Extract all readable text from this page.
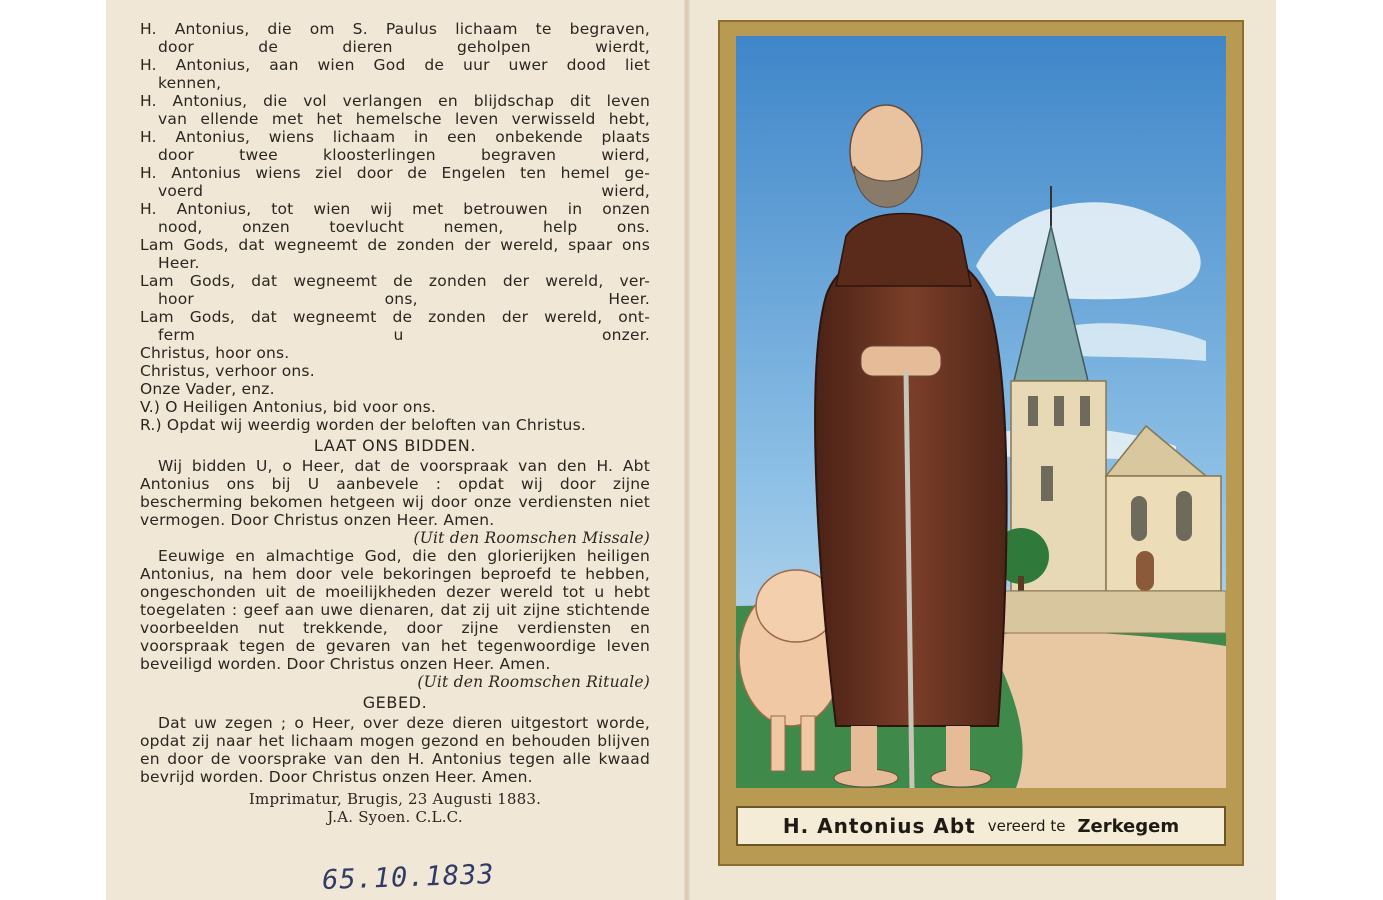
H. Antonius, die om S. Paulus lichaam te begraven,
door de dieren geholpen wierdt,

H. Antonius, aan wien God de uur uwer dood liet
kennen,

H. Antonius, die vol verlangen en blijdschap dit leven
van ellende met het hemelsche leven verwisseld hebt,

H. Antonius, wiens lichaam in een onbekende plaats
door twee kloosterlingen begraven wierd,

H. Antonius wiens ziel door de Engelen ten hemel ge-
voerd wierd,

H. Antonius, tot wien wij met betrouwen in onzen
nood, onzen toevlucht nemen, help ons.

Lam Gods, dat wegneemt de zonden der wereld, spaar ons
Heer.

Lam Gods, dat wegneemt de zonden der wereld, ver-
hoor ons, Heer.

Lam Gods, dat wegneemt de zonden der wereld, ont-
ferm u onzer.

Christus, hoor ons.

Christus, verhoor ons.

Onze Vader, enz.

V.) O Heiligen Antonius, bid voor ons.

R.) Opdat wij weerdig worden der beloften van Christus.

LAAT ONS BIDDEN.

Wij bidden U, o Heer, dat de voorspraak van den H. Abt Antonius ons bij U aanbevele : opdat wij door zijne bescherming bekomen hetgeen wij door onze verdiensten niet vermogen. Door Christus onzen Heer. Amen.

(Uit den Roomschen Missale)

Eeuwige en almachtige God, die den glorierijken heiligen Antonius, na hem door vele bekoringen beproefd te hebben, ongeschonden uit de moeilijkheden dezer wereld tot u hebt toegelaten : geef aan uwe dienaren, dat zij uit zijne stichtende voorbeelden nut trekkende, door zijne verdiensten en voorspraak tegen de gevaren van het tegenwoordige leven beveiligd worden. Door Christus onzen Heer. Amen.

(Uit den Roomschen Rituale)
GEBED.

Dat uw zegen ; o Heer, over deze dieren uitgestort worde, opdat zij naar het lichaam mogen gezond en behouden blijven en door de voorsprake van den H. Antonius tegen alle kwaad bevrijd worden. Door Christus onzen Heer. Amen.

Imprimatur, Brugis, 23 Augusti 1883.
J.A. Syoen. C.L.C.
65.10.1833
H. Antonius Abt vereerd te Zerkegem
